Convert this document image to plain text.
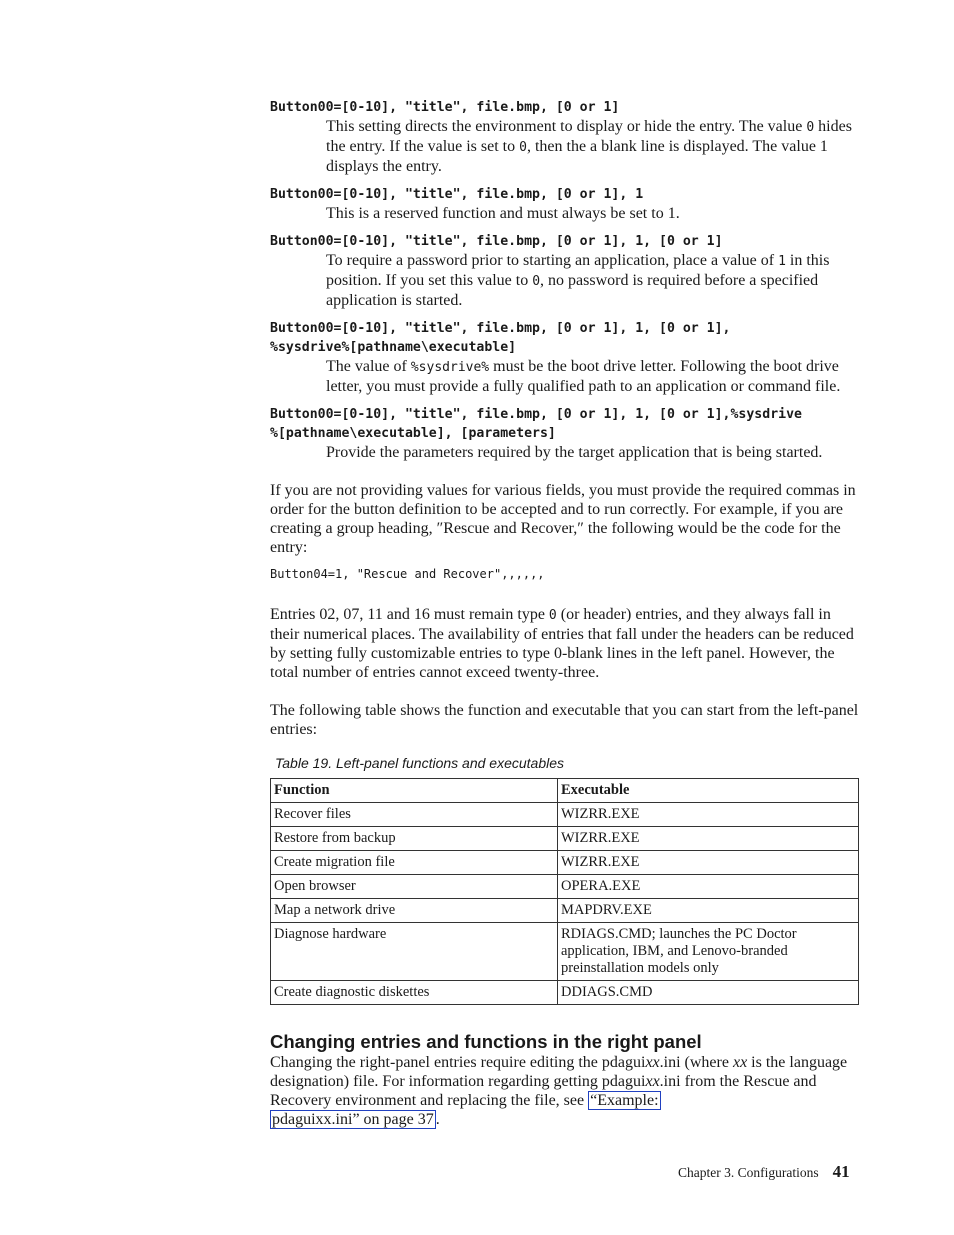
Button00=[0-10], "title", file.bmp, [0 or 1]
This setting directs the environment to display or hide the entry. The value 0 hides the entry. If the value is set to 0, then the a blank line is displayed. The value 1 displays the entry.
Button00=[0-10], "title", file.bmp, [0 or 1], 1
This is a reserved function and must always be set to 1.
Button00=[0-10], "title", file.bmp, [0 or 1], 1, [0 or 1]
To require a password prior to starting an application, place a value of 1 in this position. If you set this value to 0, no password is required before a specified application is started.
Button00=[0-10], "title", file.bmp, [0 or 1], 1, [0 or 1],
%sysdrive%[pathname\executable]
The value of %sysdrive% must be the boot drive letter. Following the boot drive letter, you must provide a fully qualified path to an application or command file.
Button00=[0-10], "title", file.bmp, [0 or 1], 1, [0 or 1],%sysdrive
%[pathname\executable], [parameters]
Provide the parameters required by the target application that is being started.

If you are not providing values for various fields, you must provide the required commas in order for the button definition to be accepted and to run correctly. For example, if you are creating a group heading, ″Rescue and Recover,″ the following would be the code for the entry:

Button04=1, "Rescue and Recover",,,,,,

Entries 02, 07, 11 and 16 must remain type 0 (or header) entries, and they always fall in their numerical places. The availability of entries that fall under the headers can be reduced by setting fully customizable entries to type 0-blank lines in the left panel. However, the total number of entries cannot exceed twenty-three.

The following table shows the function and executable that you can start from the left-panel entries:

Table 19. Left-panel functions and executables
Function	Executable
Recover files	WIZRR.EXE
Restore from backup	WIZRR.EXE
Create migration file	WIZRR.EXE
Open browser	OPERA.EXE
Map a network drive	MAPDRV.EXE
Diagnose hardware	RDIAGS.CMD; launches the PC Doctor application, IBM, and Lenovo-branded preinstallation models only
Create diagnostic diskettes	DDIAGS.CMD
Changing entries and functions in the right panel

Changing the right-panel entries require editing the pdaguixx.ini (where xx is the language designation) file. For information regarding getting pdaguixx.ini from the Rescue and Recovery environment and replacing the file, see “Example:
pdaguixx.ini” on page 37 .

Chapter 3. Configurations 41
